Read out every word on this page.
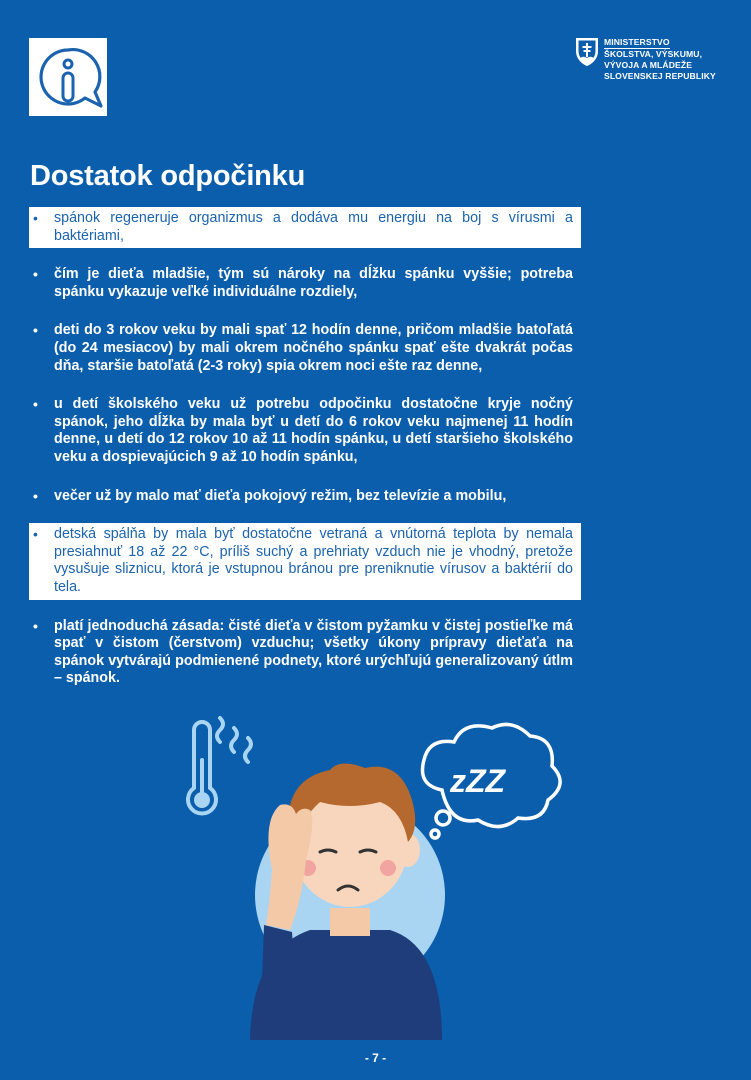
MINISTERSTVO
ŠKOLSTVA, VÝSKUMU,
VÝVOJA A MLÁDEŽE
SLOVENSKEJ REPUBLIKY
Dostatok odpočinku
• spánok regeneruje organizmus a dodáva mu energiu na boj s vírusmi a baktériami,
• čím je dieťa mladšie, tým sú nároky na dĺžku spánku vyššie; potreba spánku vykazuje veľké individuálne rozdiely,
• deti do 3 rokov veku by mali spať 12 hodín denne, pričom mladšie batoľatá (do 24 mesiacov) by mali okrem nočného spánku spať ešte dvakrát počas dňa, staršie batoľatá (2-3 roky) spia okrem noci ešte raz denne,
• u detí školského veku už potrebu odpočinku dostatočne kryje nočný spánok, jeho dĺžka by mala byť u detí do 6 rokov veku najmenej 11 hodín denne, u detí do 12 rokov 10 až 11 hodín spánku, u detí staršieho školského veku a dospievajúcich 9 až 10 hodín spánku,
• večer už by malo mať dieťa pokojový režim, bez televízie a mobilu,
• detská spálňa by mala byť dostatočne vetraná a vnútorná teplota by nemala presiahnuť 18 až 22 °C, príliš suchý a prehriaty vzduch nie je vhodný, pretože vysušuje sliznicu, ktorá je vstupnou bránou pre preniknutie vírusov a baktérií do tela.
• platí jednoduchá zásada: čisté dieťa v čistom pyžamku v čistej postieľke má spať v čistom (čerstvom) vzduchu; všetky úkony prípravy dieťaťa na spánok vytvárajú podmienené podnety, ktoré urýchľujú generalizovaný útlm – spánok.
zZZ
- 7 -
